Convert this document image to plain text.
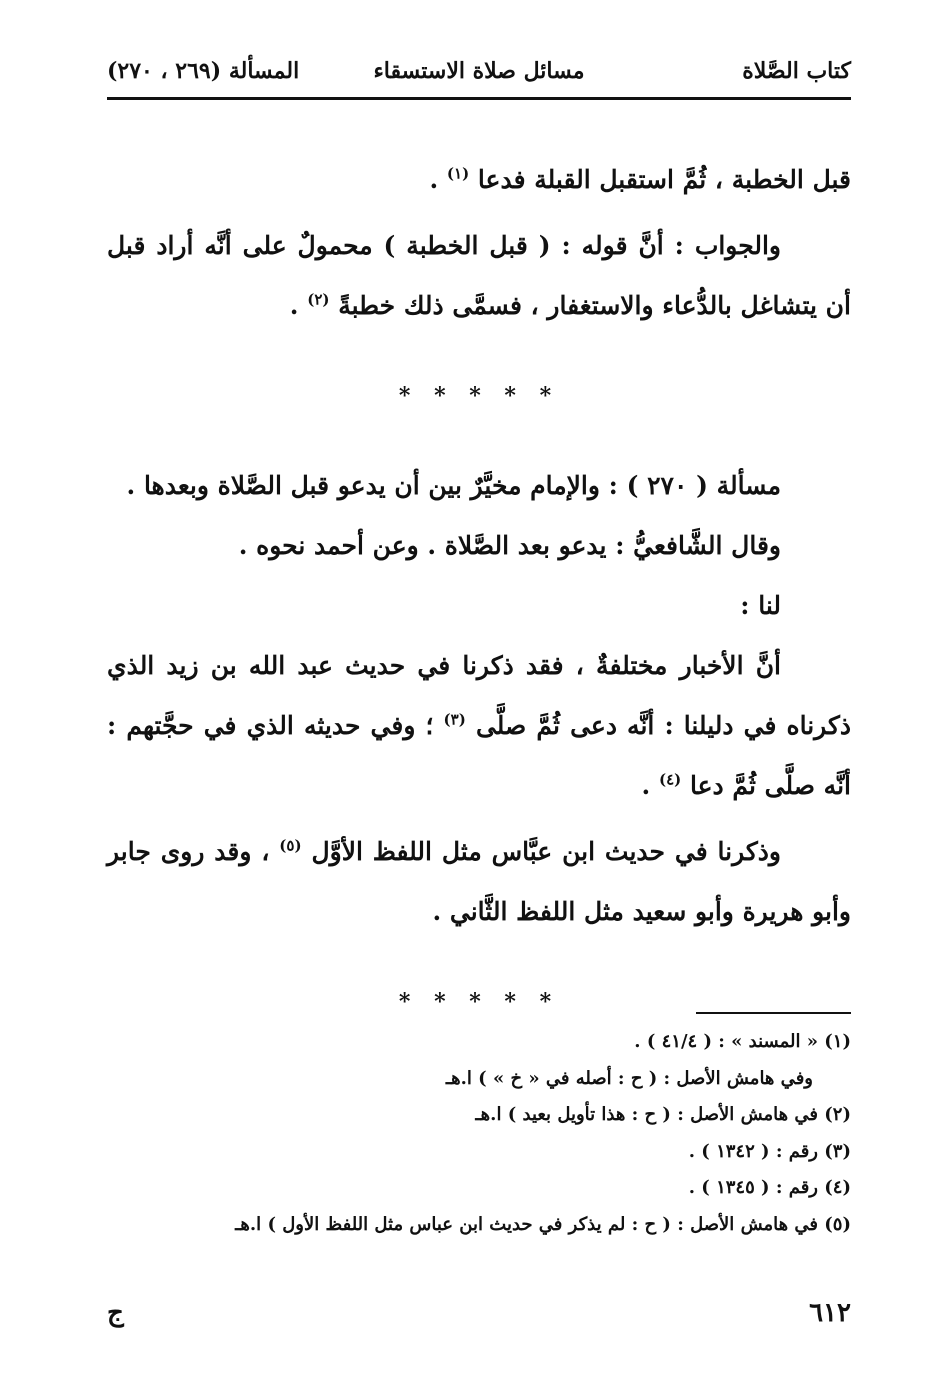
كتاب الصَّلاة
مسائل صلاة الاستسقاء
المسألة (٢٦٩ ، ٢٧٠)

قبل الخطبة ، ثُمَّ استقبل القبلة فدعا $^{(١)}$ .

والجواب : أنَّ قوله : ( قبل الخطبة ) محمولٌ على أنَّه أراد قبل أن يتشاغل بالدُّعاء والاستغفار ، فسمَّى ذلك خطبةً $^{(٢)}$ .

* * * * *

مسألة ( ٢٧٠ ) : والإمام مخيَّرٌ بين أن يدعو قبل الصَّلاة وبعدها .

وقال الشَّافعيُّ : يدعو بعد الصَّلاة . وعن أحمد نحوه .

لنا :

أنَّ الأخبار مختلفةٌ ، فقد ذكرنا في حديث عبد الله بن زيد الذي ذكرناه في دليلنا : أنَّه دعى ثُمَّ صلَّى $^{(٣)}$ ؛ وفي حديثه الذي في حجَّتهم : أنَّه صلَّى ثُمَّ دعا $^{(٤)}$ .

وذكرنا في حديث ابن عبَّاس مثل اللفظ الأوَّل $^{(٥)}$ ، وقد روى جابر وأبو هريرة وأبو سعيد مثل اللفظ الثَّاني .

* * * * *

(١) « المسند » : ( ٤١/٤ ) .

وفي هامش الأصل : ( ح : أصله في « خ » ) ا.هـ

(٢) في هامش الأصل : ( ح : هذا تأويل بعيد ) ا.هـ

(٣) رقم : ( ١٣٤٢ ) .

(٤) رقم : ( ١٣٤٥ ) .

(٥) في هامش الأصل : ( ح : لم يذكر في حديث ابن عباس مثل اللفظ الأول ) ا.هـ

٦١٢
ج
